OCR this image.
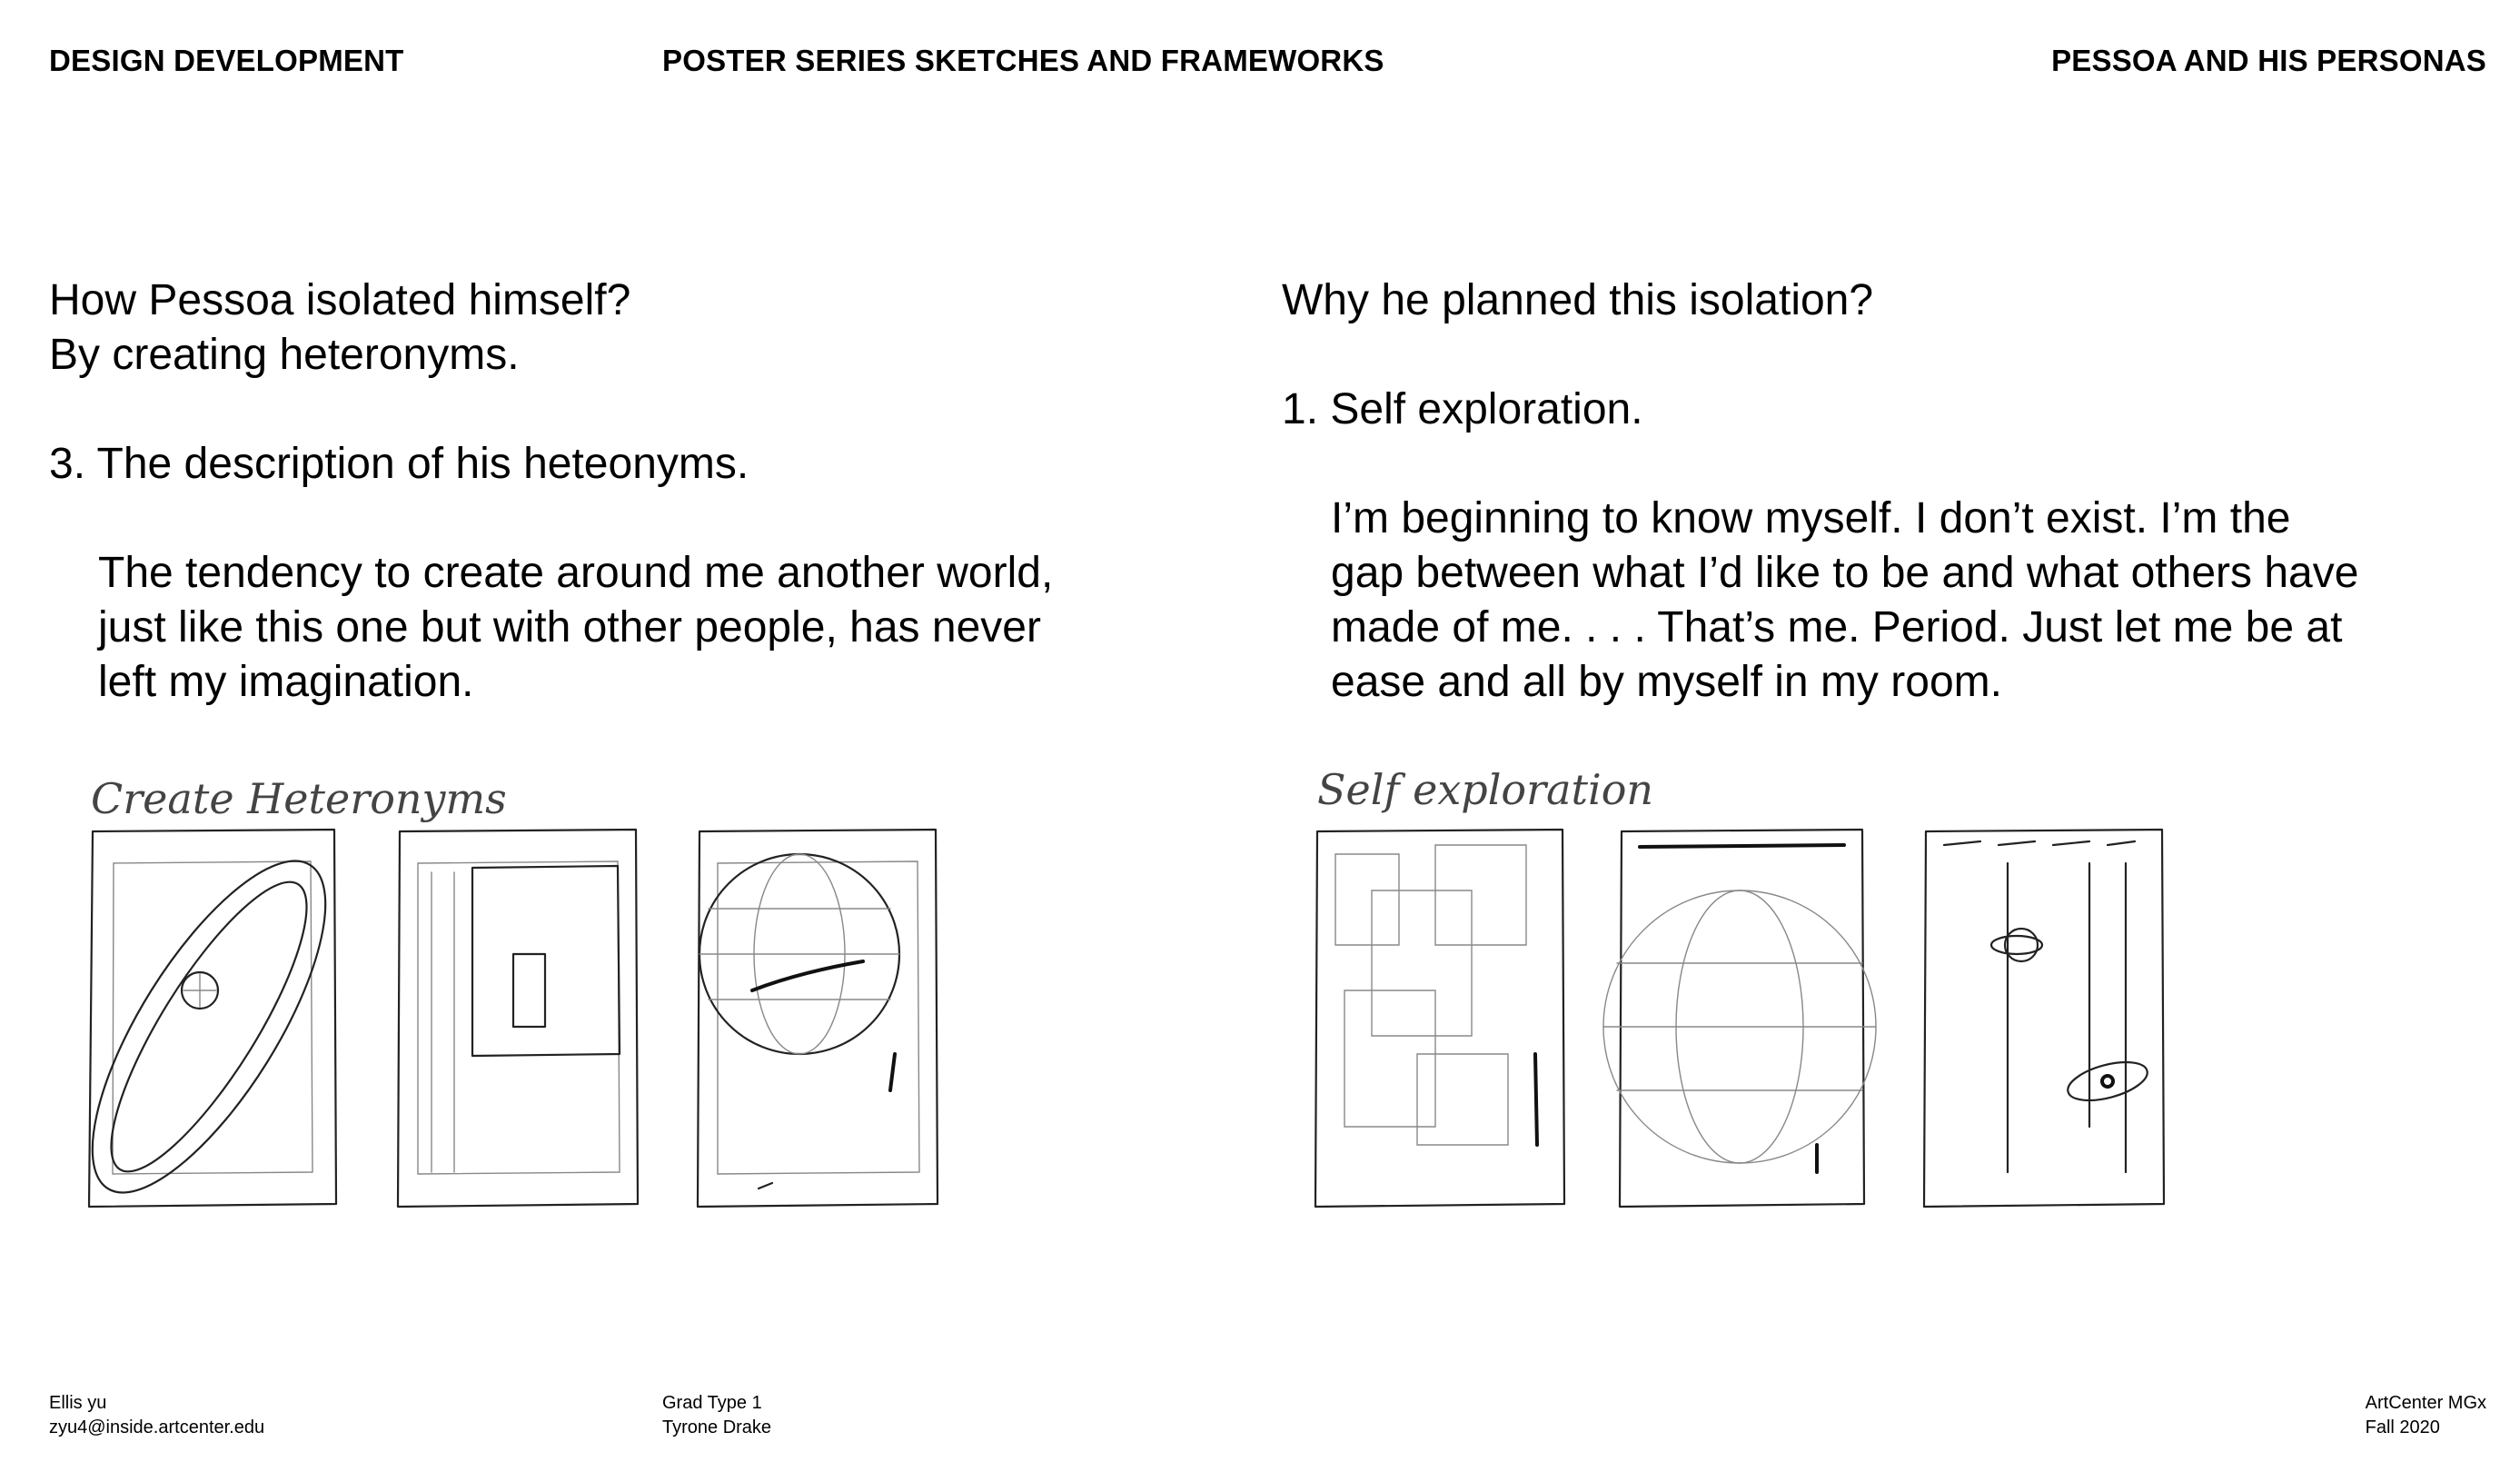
DESIGN DEVELOPMENT	POSTER SERIES SKETCHES AND FRAMEWORKS	PESSOA AND HIS PERSONAS
How Pessoa isolated himself?
By creating heteronyms.
3. The description of his heteonyms.
The tendency to create around me another world,
just like this one but with other people, has never
left my imagination.
Why he planned this isolation?
1. Self exploration.
I’m beginning to know myself. I don’t exist. I’m the
gap between what I’d like to be and what others have
made of me. . . . That’s me. Period. Just let me be at
ease and all by myself in my room.
Create Heteronyms	Self exploration
Ellis yu
zyu4@inside.artcenter.edu
Grad Type 1
Tyrone Drake
ArtCenter MGx
Fall 2020
